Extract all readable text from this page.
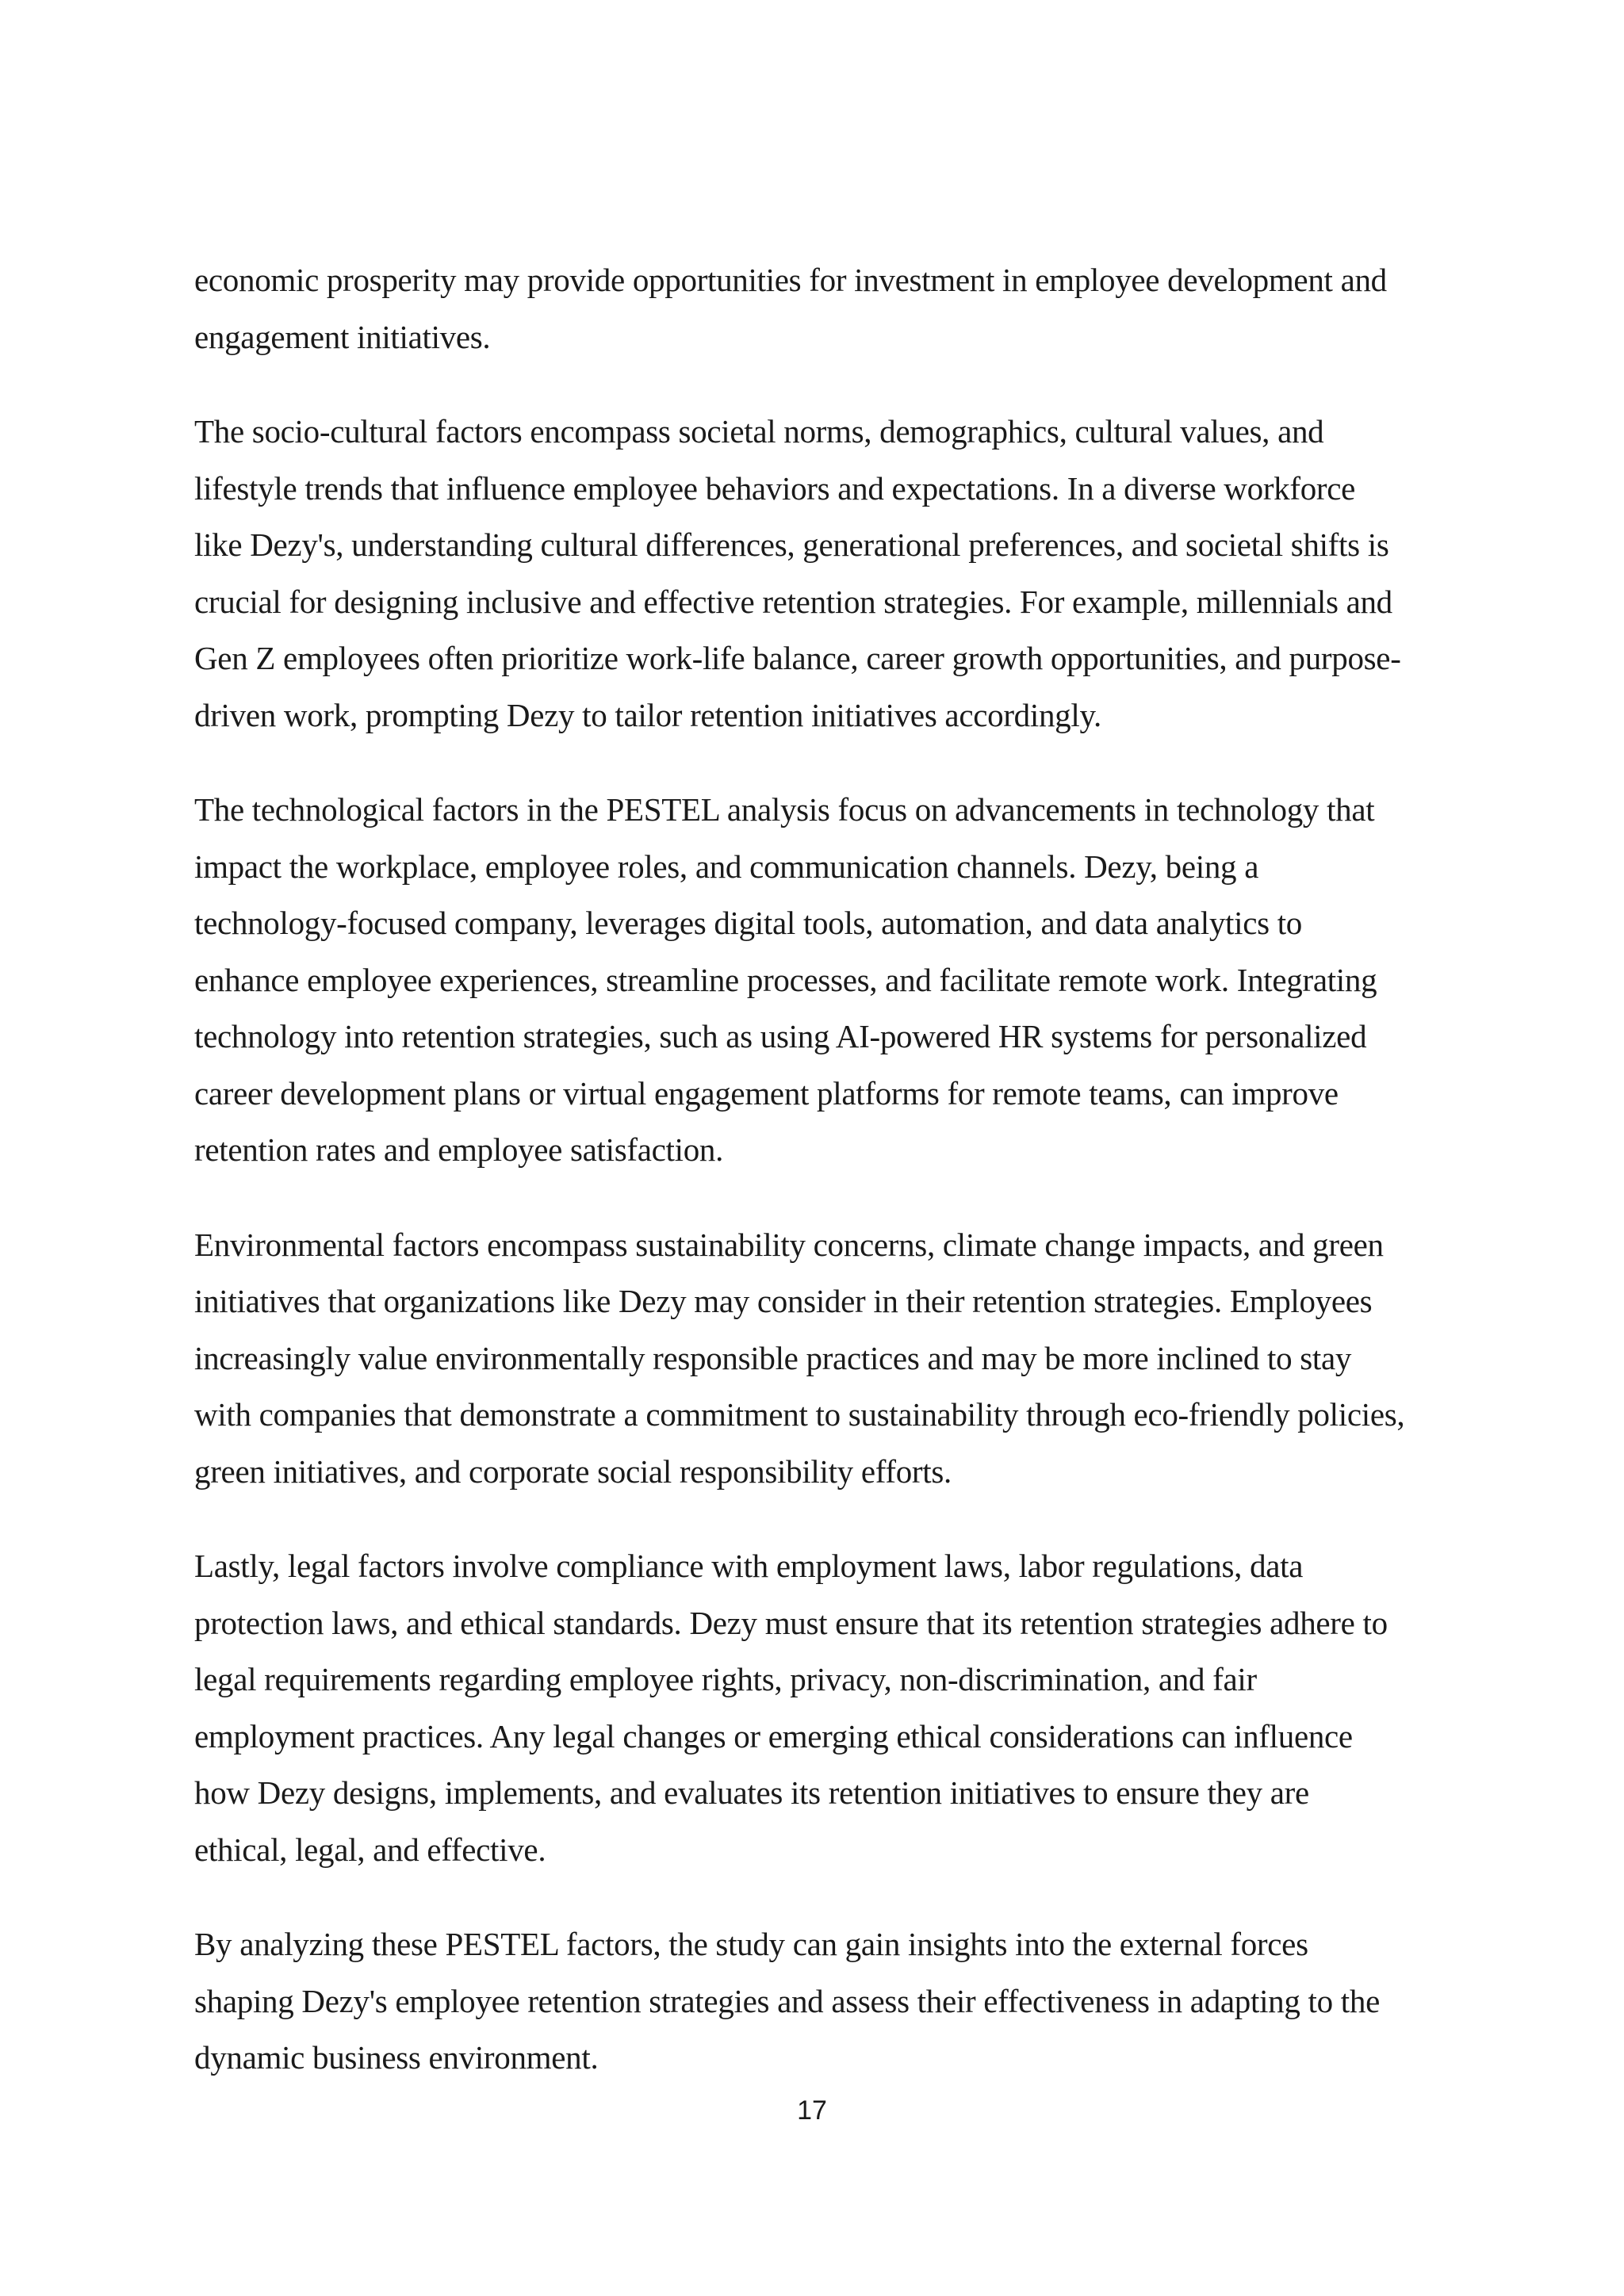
economic prosperity may provide opportunities for investment in employee development and
engagement initiatives.

The socio-cultural factors encompass societal norms, demographics, cultural values, and
lifestyle trends that influence employee behaviors and expectations. In a diverse workforce
like Dezy's, understanding cultural differences, generational preferences, and societal shifts is
crucial for designing inclusive and effective retention strategies. For example, millennials and
Gen Z employees often prioritize work-life balance, career growth opportunities, and purpose-
driven work, prompting Dezy to tailor retention initiatives accordingly.

The technological factors in the PESTEL analysis focus on advancements in technology that
impact the workplace, employee roles, and communication channels. Dezy, being a
technology-focused company, leverages digital tools, automation, and data analytics to
enhance employee experiences, streamline processes, and facilitate remote work. Integrating
technology into retention strategies, such as using AI-powered HR systems for personalized
career development plans or virtual engagement platforms for remote teams, can improve
retention rates and employee satisfaction.

Environmental factors encompass sustainability concerns, climate change impacts, and green
initiatives that organizations like Dezy may consider in their retention strategies. Employees
increasingly value environmentally responsible practices and may be more inclined to stay
with companies that demonstrate a commitment to sustainability through eco-friendly policies,
green initiatives, and corporate social responsibility efforts.

Lastly, legal factors involve compliance with employment laws, labor regulations, data
protection laws, and ethical standards. Dezy must ensure that its retention strategies adhere to
legal requirements regarding employee rights, privacy, non-discrimination, and fair
employment practices. Any legal changes or emerging ethical considerations can influence
how Dezy designs, implements, and evaluates its retention initiatives to ensure they are
ethical, legal, and effective.

By analyzing these PESTEL factors, the study can gain insights into the external forces
shaping Dezy's employee retention strategies and assess their effectiveness in adapting to the
dynamic business environment.

17
